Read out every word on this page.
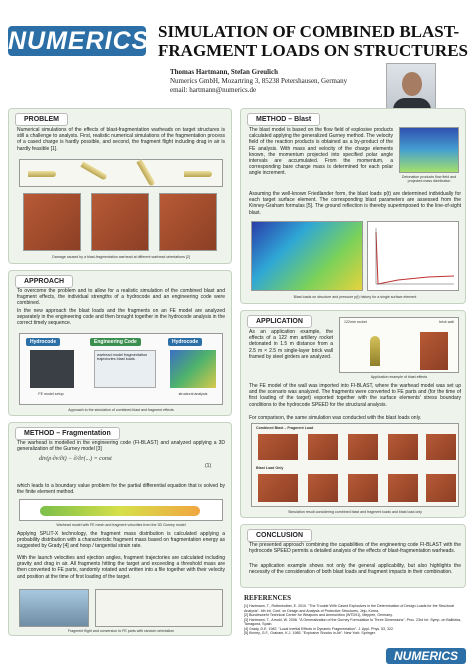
NUMERICS SIMULATION OF COMBINED BLAST-FRAGMENT LOADS ON STRUCTURES
Thomas Hartmann, Stefan Greulich
Numerics GmbH, Mozartring 3, 85238 Petershausen, Germany
email: hartmann@numerics.de
PROBLEM
Numerical simulations of the effects of blast-fragmentation warheads on target structures is still a challenge to analysts. First, realistic numerical simulations of the fragmentation process of a cased charge is hardly possible, and second, the fragment flight including drag in air is hardly feasible [1].
Damage caused by a blast-fragmentation warhead at different warhead orientations [2]
APPROACH
To overcome the problem and to allow for a realistic simulation of the combined blast and fragment effects, the individual strengths of a hydrocode and an engineering code were combined.
In the new approach the blast loads and the fragments on an FE model are analyzed separately in the engineering code and then brought together in the hydrocode analysis in the correct timely sequence.
Hydrocode	Engineering Code	Hydrocode
warhead model fragmentation trajectories blast loads
FE model setup	structural analysis
Approach to the simulation of combined blast and fragment effects
METHOD – Fragmentation
The warhead is modelled in the engineering code (FI-BLAST) and analyzed applying a 3D generalization of the Gurney model [3]
div(ρ·∂v/∂t) − ∂/∂r(...) = const
(1)
which leads to a boundary value problem for the partial differential equation that is solved by the finite element method.
Warhead model with FE mesh and fragment velocities from the 3D Gurney model
Applying SPLIT-X technology, the fragment mass distribution is calculated applying a probability distribution with a characteristic fragment mass based on fragmentation energy as suggested by Grady [4] and hoop / tangential strain rate.
With the launch velocities and ejection angles, fragment trajectories are calculated including gravity and drag in air. All fragments hitting the target and exceeding a threshold mass are then converted to FE parts, randomly rotated and written into a file together with their velocity and position at the time of first loading of the target.
Fragment flight and conversion to FE parts with random orientation
METHOD – Blast
The blast model is based on the flow field of explosive products calculated applying the generalized Gurney method. The velocity field of the reaction products is obtained as a by-product of the FE analysis. With mass and velocity of the charge elements known, the momentum projected into specified polar angle intervals are accumulated. From the momentum, a corresponding bare charge mass is determined for each polar angle increment.
Detonation products flow field and projected mass distribution
Assuming the well-known Friedlander form, the blast loads p(t) are determined individually for each target surface element. The corresponding blast parameters are assessed from the Kinney-Graham formulas [5]. The ground reflection is thereby superimposed to the line-of-sight blast.
Blast loads on structure and pressure p(t) history for a single surface element
APPLICATION
As an application example, the effects of a 122 mm artillery rocket detonated in 1.5 m distance from a 2.5 m × 2.5 m single-layer brick wall framed by steel girders are analyzed.
122mm rocket	brick wall
Application example of blast effects
The FE model of the wall was imported into FI-BLAST, where the warhead model was set up and the scenario was analyzed. The fragments were converted to FE parts and (for the time of first loading of the target) exported together with the surface elements' stress boundary conditions to the hydrocode SPEED for the structural analysis.
For comparison, the same simulation was conducted with the blast loads only.
Combined Blast – Fragment Load
Blast Load Only
Simulation result considering combined blast and fragment loads and blast load only
CONCLUSION
The presented approach combining the capabilities of the engineering code FI-BLAST with the hydrocode SPEED permits a detailed analysis of the effects of blast-fragmentation warheads.
The application example shows not only the general applicability, but also highlights the necessity of the consideration of both blast loads and fragment impacts in their combination.
REFERENCES
[1] Hartmann, T., Rottenkolber, E. 2010. "The Trouble With Cased Explosives in the Determination of Design Loads for the Structural Analysis". 4th Int. Conf. on Design and Analysis of Protective Structures, Jeju, Korea.
[2] Bundeswehr Technical Center for Weapons and Ammunition (WTD91), Meppen, Germany.
[3] Hartmann, T., Arnold, W. 2006. "A Generalization of the Gurney Formulation to Three Dimensions". Proc. 23rd Int. Symp. on Ballistics, Tarragona, Spain.
[4] Grady, D.E. 1982. "Local Inertial Effects in Dynamic Fragmentation". J. Appl. Phys. 53, 322.
[5] Kinney, G.F., Graham, K.J. 1985. "Explosive Shocks in Air". New York: Springer.
NUMERICS
